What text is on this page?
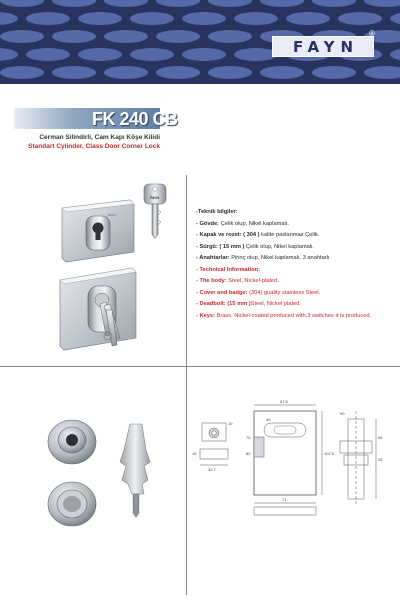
FAYN
®
FK 240 CB
Cerman Silindirli, Cam Kapı Köşe Kilidi
Standart Cylinder, Class Door Corner Lock
FAYN
FAYN
-Teknik bilgiler:
- Gövde: Çelik olup, Nikel kaplamalı.
- Kapak ve rozet: ( 304 ) kalite paslanmaz Çelik.
- Sürgü: ( 15 mm ) Çelik olup, Nikel kaplamalı.
- Anahtarlar: Pirinç olup, Nikel kaplamalı. 3 anahtarlı
- Technical Information:
- The body: Steel, Nickel-plated.
- Cover and badge: (304) guality stainless Steel.
- Deadbolt: (15 mm )Steel, Nickel plated.
- Keys: Brass, Nickel-coated produced with,3 switches ıt is produced.
67.5
102.5
40
70
80
71
32.7
19
19
65
25
90
